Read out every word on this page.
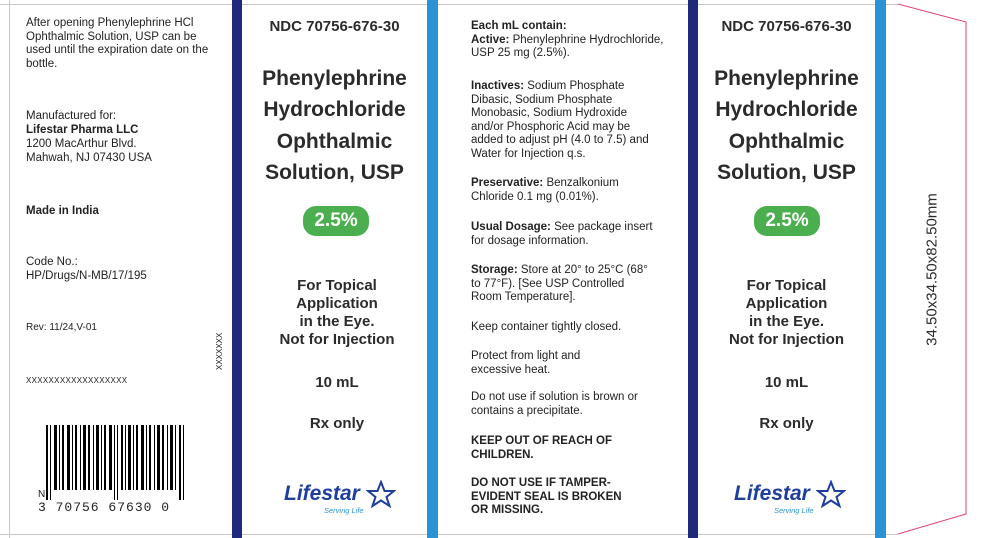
After opening Phenylephrine HCl Ophthalmic Solution, USP can be used until the expiration date on the bottle.
Manufactured for:
Lifestar Pharma LLC
1200 MacArthur Blvd.
Mahwah, NJ 07430 USA
Made in India
Code No.:
HP/Drugs/N-MB/17/195
Rev: 11/24,V-01
XXXXXXXXXXXXXXXXXX
XXXXXXX
N
3 70756 67630 0
NDC 70756-676-30
Phenylephrine
Hydrochloride
Ophthalmic
Solution, USP
2.5%
For Topical
Application
in the Eye.
Not for Injection
10 mL
Rx only
Lifestar
Serving Life
Each mL contain:
Active: Phenylephrine Hydrochloride, USP 25 mg (2.5%).
Inactives: Sodium Phosphate Dibasic, Sodium Phosphate Monobasic, Sodium Hydroxide and/or Phosphoric Acid may be added to adjust pH (4.0 to 7.5) and Water for Injection q.s.
Preservative: Benzalkonium Chloride 0.1 mg (0.01%).
Usual Dosage: See package insert for dosage information.
Storage: Store at 20° to 25°C (68° to 77°F). [See USP Controlled Room Temperature].
Keep container tightly closed.
Protect from light and excessive heat.
Do not use if solution is brown or contains a precipitate.
KEEP OUT OF REACH OF CHILDREN.
DO NOT USE IF TAMPER-EVIDENT SEAL IS BROKEN OR MISSING.
NDC 70756-676-30
Phenylephrine
Hydrochloride
Ophthalmic
Solution, USP
2.5%
For Topical
Application
in the Eye.
Not for Injection
10 mL
Rx only
Lifestar
Serving Life
34.50x34.50x82.50mm
